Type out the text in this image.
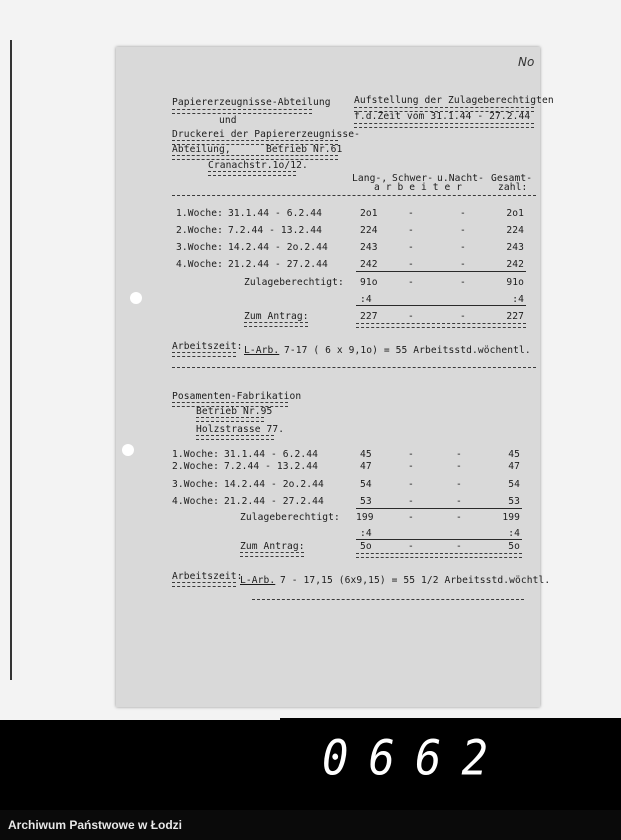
No
Papiererzeugnisse-Abteilung
und
Druckerei der Papiererzeugnisse-
Abteilung,	Betrieb Nr.61
Cranachstr.1o/12.
Aufstellung der Zulageberechtigten
f.d.Zeit vom 31.1.44 - 27.2.44
Lang-, Schwer- u.Nacht- Gesamt-
a r b e i t e r	zahl:
1.Woche: 31.1.44 - 6.2.44	2o1	-	-	2o1
2.Woche: 7.2.44 - 13.2.44	224	-	-	224
3.Woche: 14.2.44 - 2o.2.44	243	-	-	243
4.Woche: 21.2.44 - 27.2.44	242	-	-	242
Zulageberechtigt: 91o	-	-	91o
:4	:4
Zum Antrag:	227	-	-	227
Arbeitszeit: L-Arb. 7-17 ( 6 x 9,1o) = 55 Arbeitsstd.wöchentl.
Posamenten-Fabrikation
Betrieb Nr.95
Holzstrasse 77.
1.Woche: 31.1.44 - 6.2.44	45	-	-	45
2.Woche: 7.2.44 - 13.2.44	47	-	-	47
3.Woche: 14.2.44 - 2o.2.44	54	-	-	54
4.Woche: 21.2.44 - 27.2.44	53	-	-	53
Zulageberechtigt: 199	-	-	199
:4	:4
Zum Antrag:	5o	-	-	5o
Arbeitszeit:
L-Arb. 7 - 17,15 (6x9,15) = 55 1/2 Arbeitsstd.wöchtl.
0662
Archiwum Państwowe w Łodzi
